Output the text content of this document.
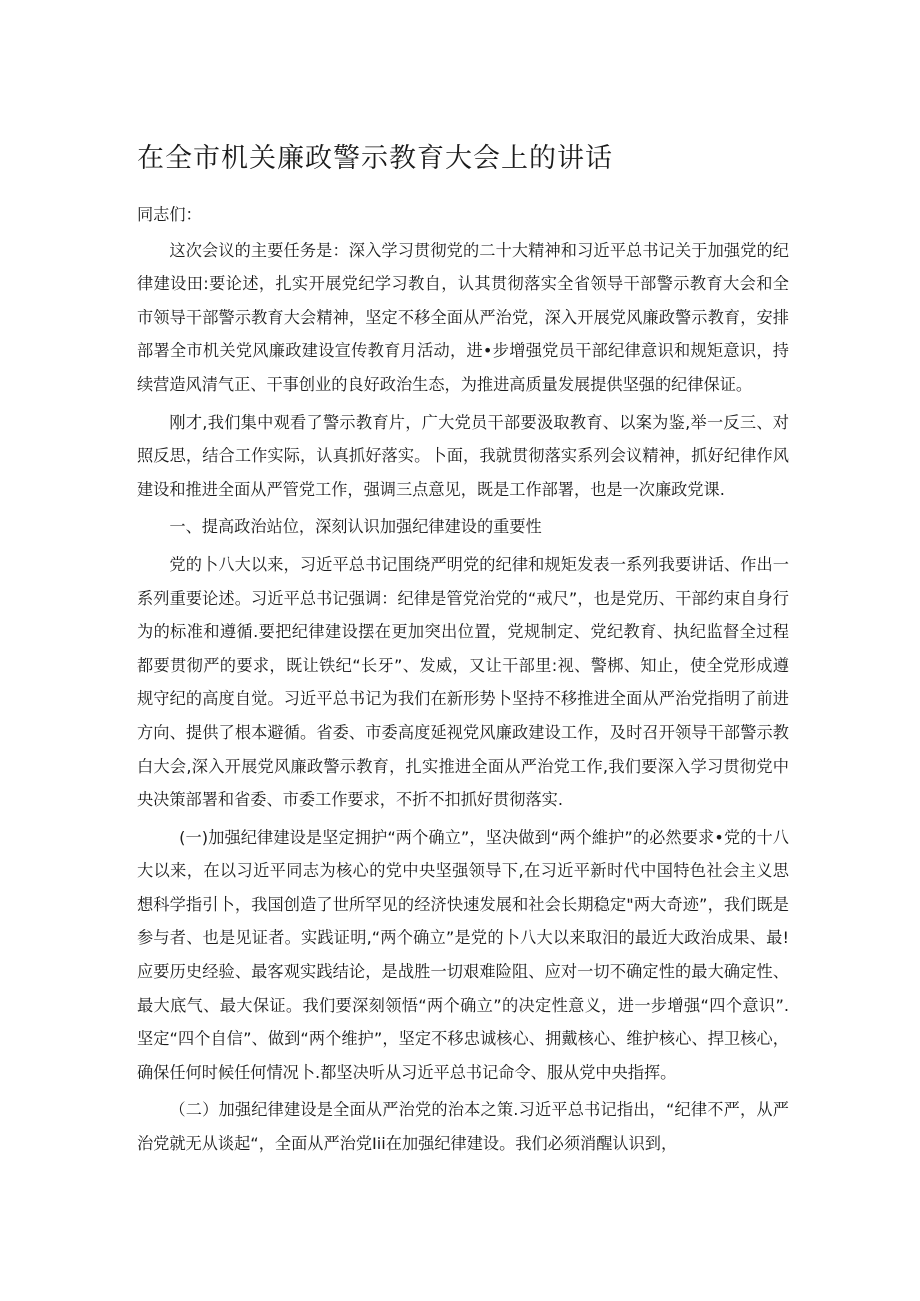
在全市机关廉政警示教育大会上的讲话

同志们：

这次会议的主要任务是：深入学习贯彻党的二十大精神和习近平总书记关于加强党的纪律建设田:要论述，扎实开展党纪学习教自，认其贯彻落实全省领导干部警示教育大会和全市领导干部警示教育大会精神，坚定不移全面从严治党，深入开展党风廉政警示教育，安排部署全市机关党风廉政建设宣传教育月活动，进•步增强党员干部纪律意识和规矩意识，持续营造风清气正、干事创业的良好政治生态，为推进高质量发展提供坚强的纪律保证。

刚才,我们集中观看了警示教育片，广大党员干部要汲取教育、以案为鉴,举一反三、对照反思，结合工作实际，认真抓好落实。卜面，我就贯彻落实系列会议精神，抓好纪律作风建设和推进全面从严管党工作，强调三点意见，既是工作部署，也是一次廉政党课.

一、提高政治站位，深刻认识加强纪律建设的重要性

党的卜八大以来，习近平总书记围绕严明党的纪律和规矩发表一系列我要讲话、作出一系列重要论述。习近平总书记强调：纪律是管党治党的“戒尺”，也是党历、干部约束自身行为的标准和遵循.要把纪律建设摆在更加突出位置，党规制定、党纪教育、执纪监督全过程都要贯彻严的要求，既让铁纪“长牙”、发威，又让干部里:视、警梆、知止，使全党形成遵规守纪的高度自觉。习近平总书记为我们在新形势卜坚持不移推进全面从严治党指明了前进方向、提供了根本避循。省委、市委高度延视党风廉政建设工作，及时召开领导干部警示教白大会,深入开展党风廉政警示教育，扎实推进全面从严治党工作,我们要深入学习贯彻党中央决策部署和省委、市委工作要求，不折不扣抓好贯彻落实.

(一)加强纪律建设是坚定拥护“两个确立”，坚决做到“两个維护”的必然要求•党的十八大以来，在以习近平同志为核心的党中央坚强领导下,在习近平新时代中国特色社会主义思想科学指引卜，我国创造了世所罕见的经济快速发展和社会长期稳定"两大奇迹”，我们既是参与者、也是见证者。实践证明,“两个确立”是党的卜八大以来取汨的最近大政治成果、最!应要历史经验、最客观实践结论，是战胜一切艰难险阻、应对一切不确定性的最大确定性、最大底气、最大保证。我们要深刻领悟“两个确立”的决定性意义，进一步增强“四个意识”.坚定“四个自信”、做到“两个维护”，坚定不移忠诚核心、拥戴核心、维护核心、捍卫核心，确保任何时候任何情况卜.都坚决听从习近平总书记命令、服从党中央指挥。

（二）加强纪律建设是全面从严治党的治本之策.习近平总书记指出，“纪律不严，从严治党就无从谈起“，全面从严治党Iii在加强纪律建设。我们必须消醒认识到，
